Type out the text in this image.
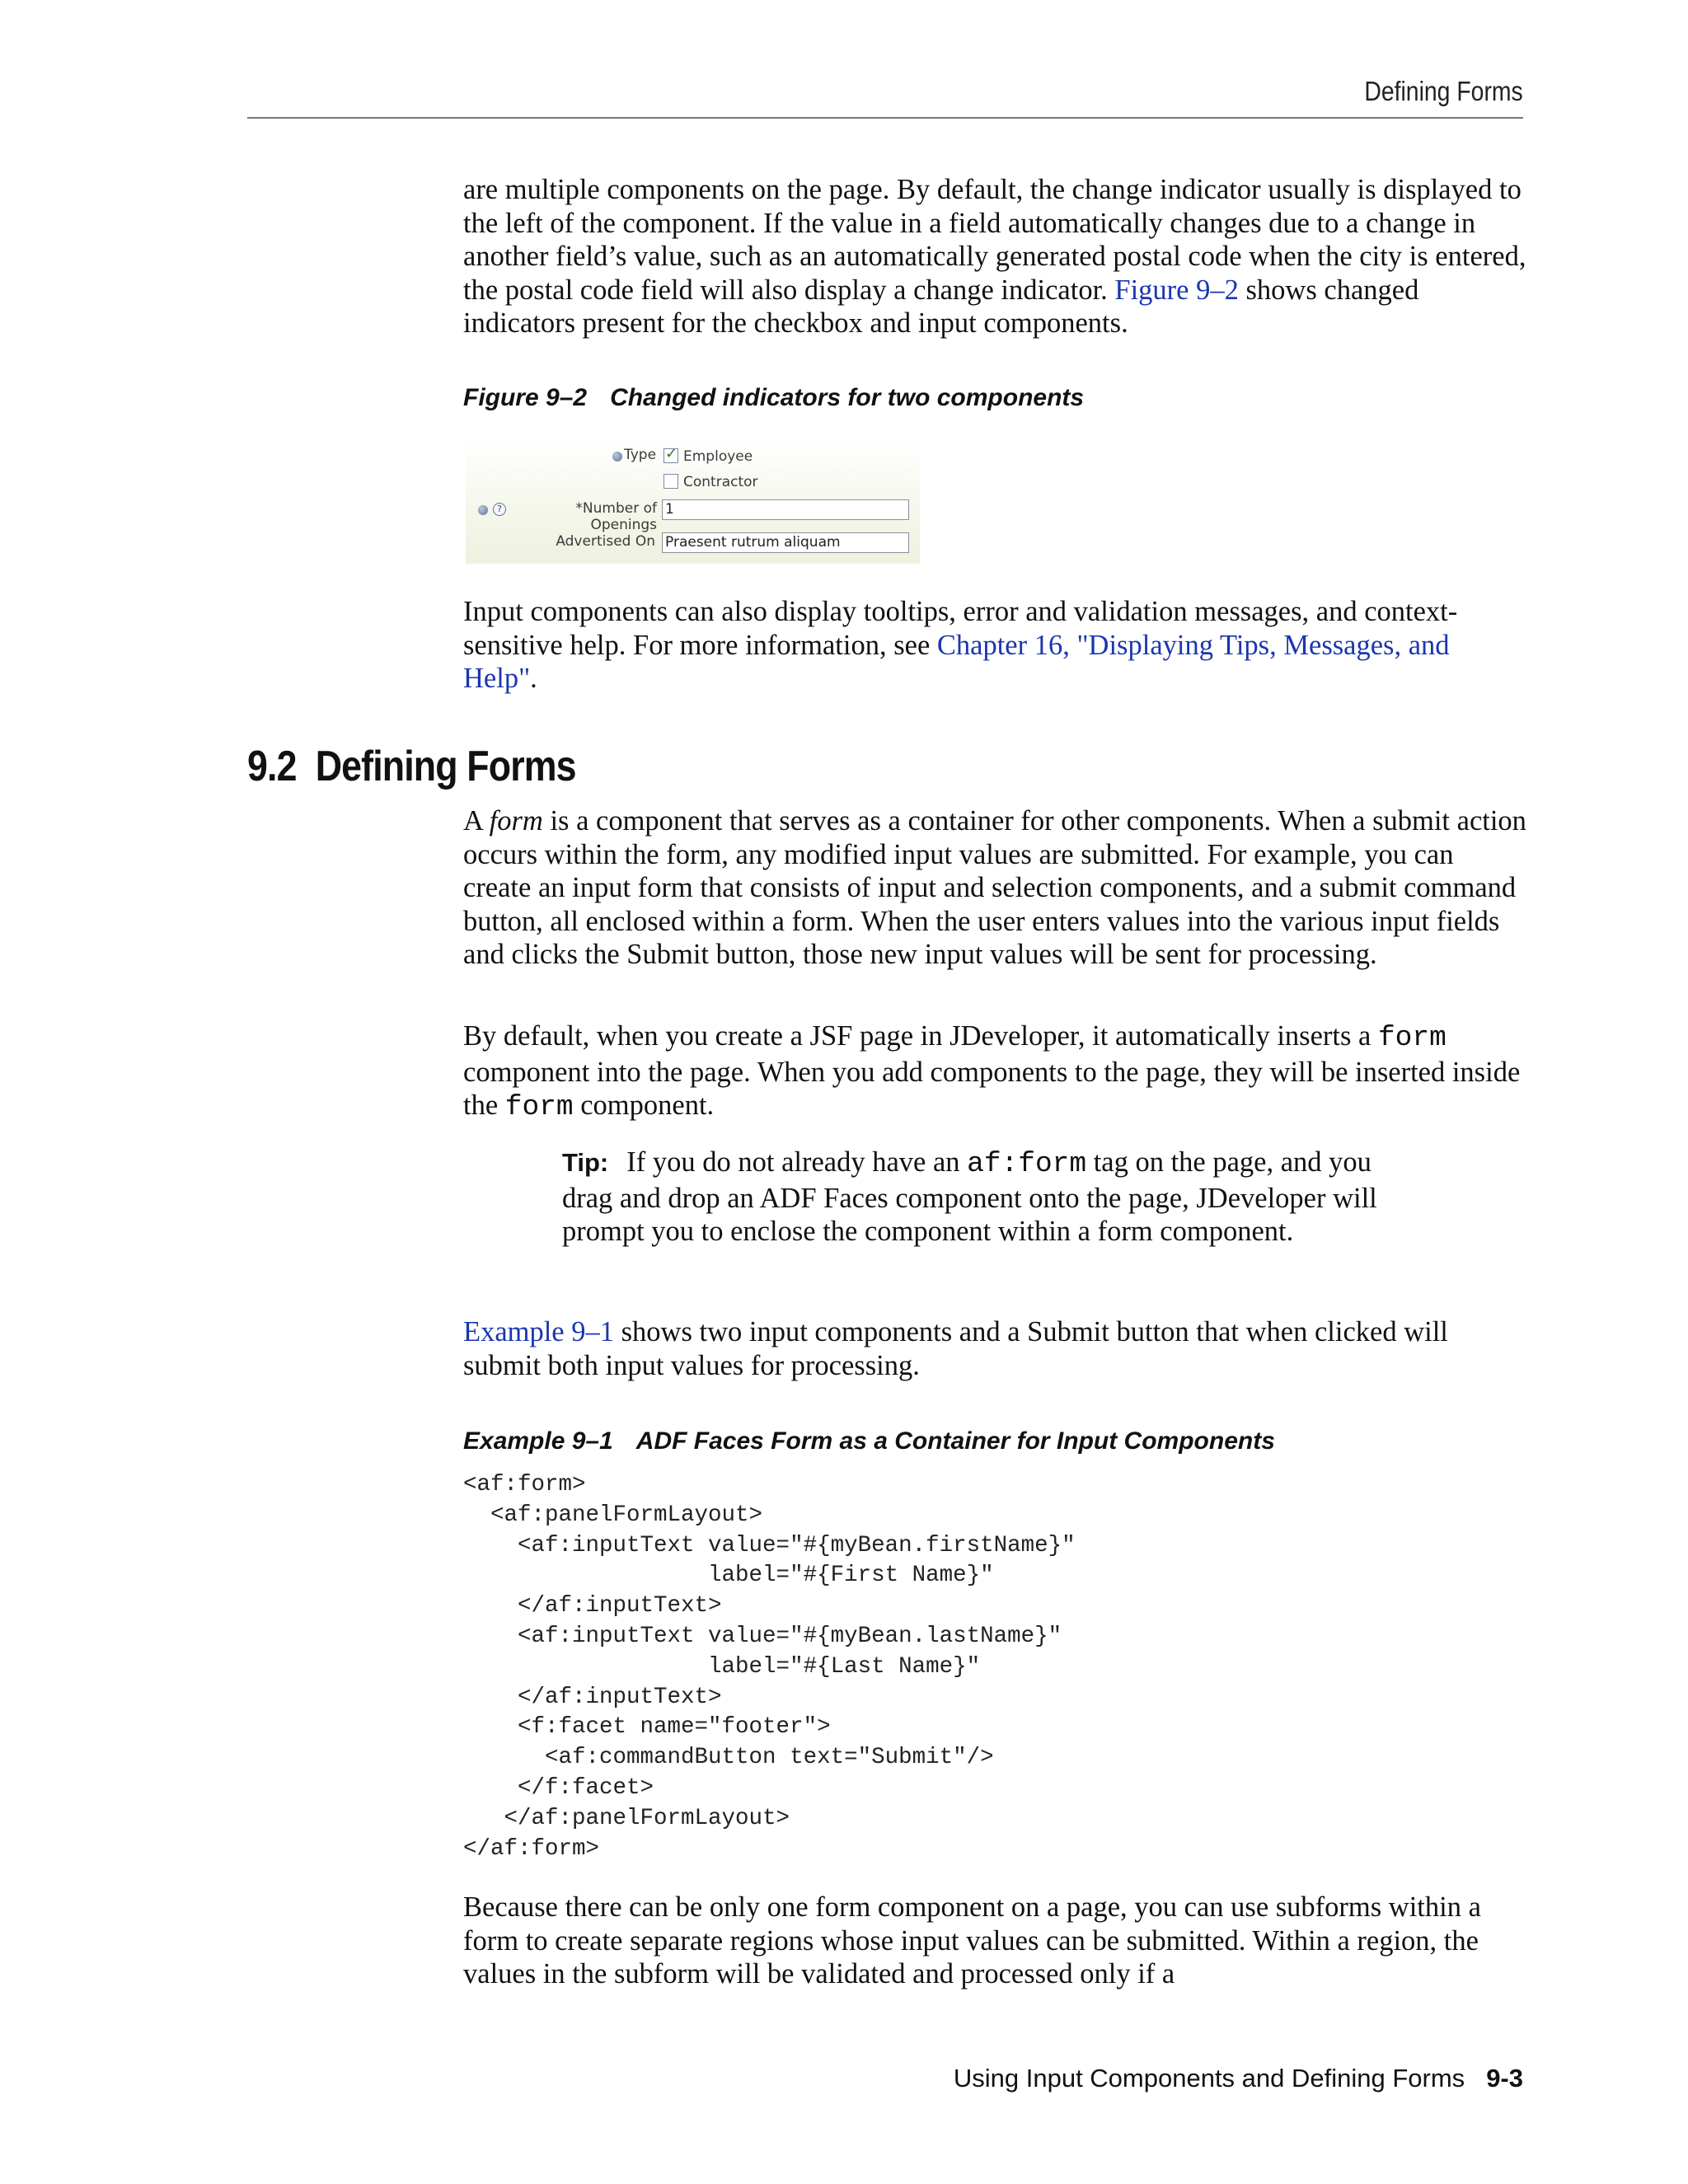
Defining Forms

are multiple components on the page. By default, the change indicator usually is displayed to the left of the component. If the value in a field automatically changes due to a change in another field’s value, such as an automatically generated postal code when the city is entered, the postal code field will also display a change indicator. Figure 9–2 shows changed indicators present for the checkbox and input components.

Figure 9–2 Changed indicators for two components
Type
✓ Employee
Contractor
?	*Number of Openings
1
Advertised On Praesent rutrum aliquam

Input components can also display tooltips, error and validation messages, and context-sensitive help. For more information, see Chapter 16, "Displaying Tips, Messages, and Help".

9.2 Defining Forms

A form is a component that serves as a container for other components. When a submit action occurs within the form, any modified input values are submitted. For example, you can create an input form that consists of input and selection components, and a submit command button, all enclosed within a form. When the user enters values into the various input fields and clicks the Submit button, those new input values will be sent for processing.

By default, when you create a JSF page in JDeveloper, it automatically inserts a form component into the page. When you add components to the page, they will be inserted inside the form component.

Tip: If you do not already have an af:form tag on the page, and you drag and drop an ADF Faces component onto the page, JDeveloper will prompt you to enclose the component within a form component.

Example 9–1 shows two input components and a Submit button that when clicked will submit both input values for processing.

Example 9–1 ADF Faces Form as a Container for Input Components
<af:form>
<af:panelFormLayout>
<af:inputText value="#{myBean.firstName}"
label="#{First Name}"
</af:inputText>
<af:inputText value="#{myBean.lastName}"
label="#{Last Name}"
</af:inputText>
<f:facet name="footer">
<af:commandButton text="Submit"/>
</f:facet>
</af:panelFormLayout>
</af:form>

Because there can be only one form component on a page, you can use subforms within a form to create separate regions whose input values can be submitted. Within a region, the values in the subform will be validated and processed only if a

Using Input Components and Defining Forms 9-3
